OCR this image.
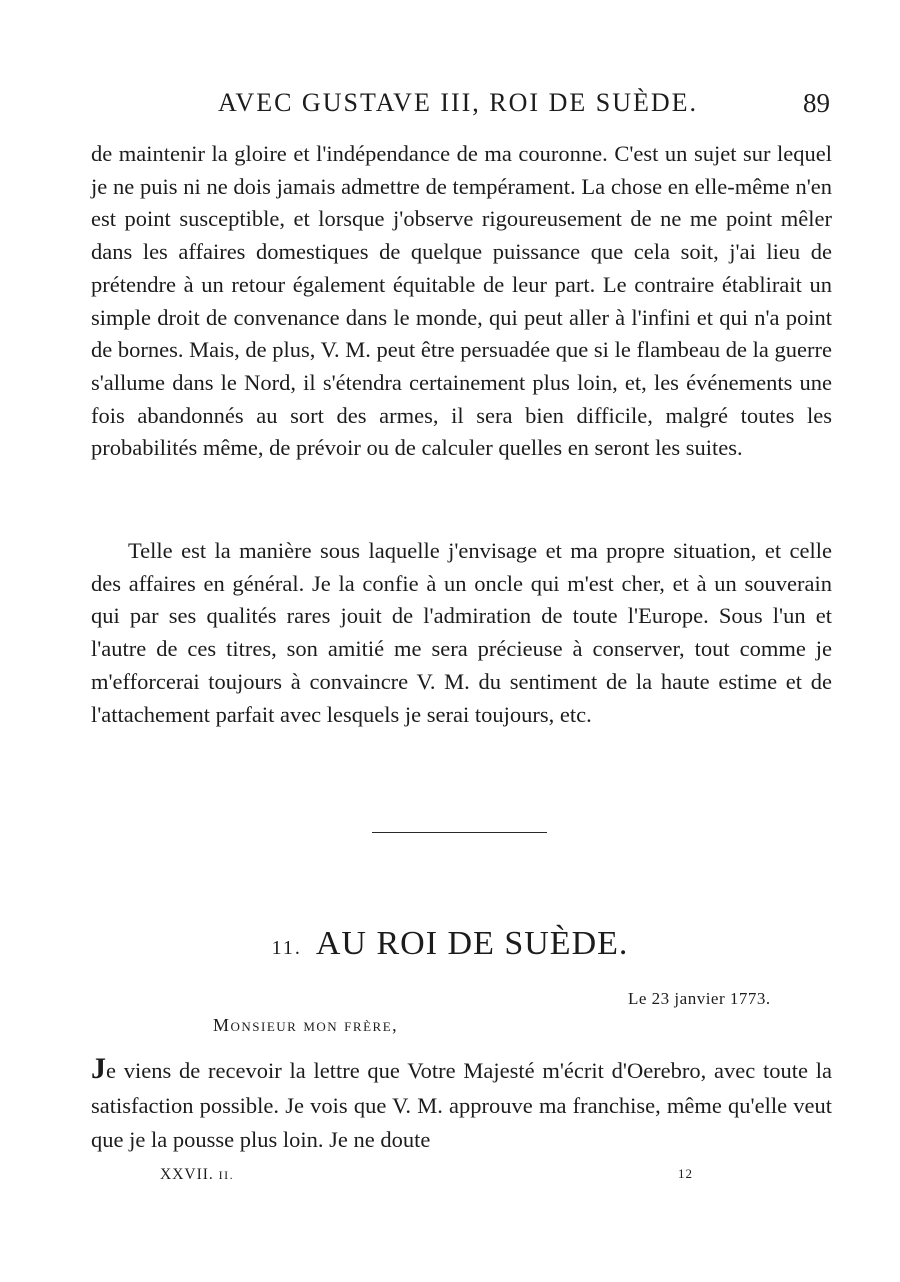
AVEC GUSTAVE III, ROI DE SUÈDE.	89

de maintenir la gloire et l'indépendance de ma couronne. C'est un sujet sur lequel je ne puis ni ne dois jamais admettre de tempérament. La chose en elle-même n'en est point susceptible, et lorsque j'observe rigoureusement de ne me point mêler dans les affaires domestiques de quelque puissance que cela soit, j'ai lieu de prétendre à un retour également équitable de leur part. Le contraire établirait un simple droit de convenance dans le monde, qui peut aller à l'infini et qui n'a point de bornes. Mais, de plus, V. M. peut être persuadée que si le flambeau de la guerre s'allume dans le Nord, il s'étendra certainement plus loin, et, les événements une fois abandonnés au sort des armes, il sera bien difficile, malgré toutes les probabilités même, de prévoir ou de calculer quelles en seront les suites.

Telle est la manière sous laquelle j'envisage et ma propre situation, et celle des affaires en général. Je la confie à un oncle qui m'est cher, et à un souverain qui par ses qualités rares jouit de l'admiration de toute l'Europe. Sous l'un et l'autre de ces titres, son amitié me sera précieuse à conserver, tout comme je m'efforcerai toujours à convaincre V. M. du sentiment de la haute estime et de l'attachement parfait avec lesquels je serai toujours, etc.

11. AU ROI DE SUÈDE.
Le 23 janvier 1773.
Monsieur mon frère,

Je viens de recevoir la lettre que Votre Majesté m'écrit d'Oerebro, avec toute la satisfaction possible. Je vois que V. M. approuve ma franchise, même qu'elle veut que je la pousse plus loin. Je ne doute

XXVII. II.	12
